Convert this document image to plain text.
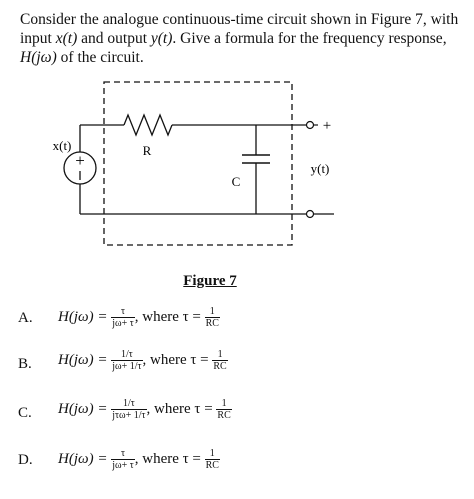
Consider the analogue continuous-time circuit shown in Figure 7, with input x(t) and output y(t). Give a formula for the frequency response, H(jω) of the circuit.
+
x(t)	R
C
y(t)
+
Figure 7
A. $H(j\omega) = \frac{\tau}{j\omega+ \tau}$ , where $\tau = \frac{1}{RC}$
B. $H(j\omega) = \frac{1/\tau}{j\omega+ 1/\tau}$ , where $\tau = \frac{1}{RC}$
C. $H(j\omega) = \frac{1/\tau}{\text{jτω+ 1/τ}}$ , where $\tau = \frac{1}{RC}$
D. $H(j\omega) = \frac{\tau}{j\omega+ \tau}$ , where $\tau = \frac{1}{RC}$
